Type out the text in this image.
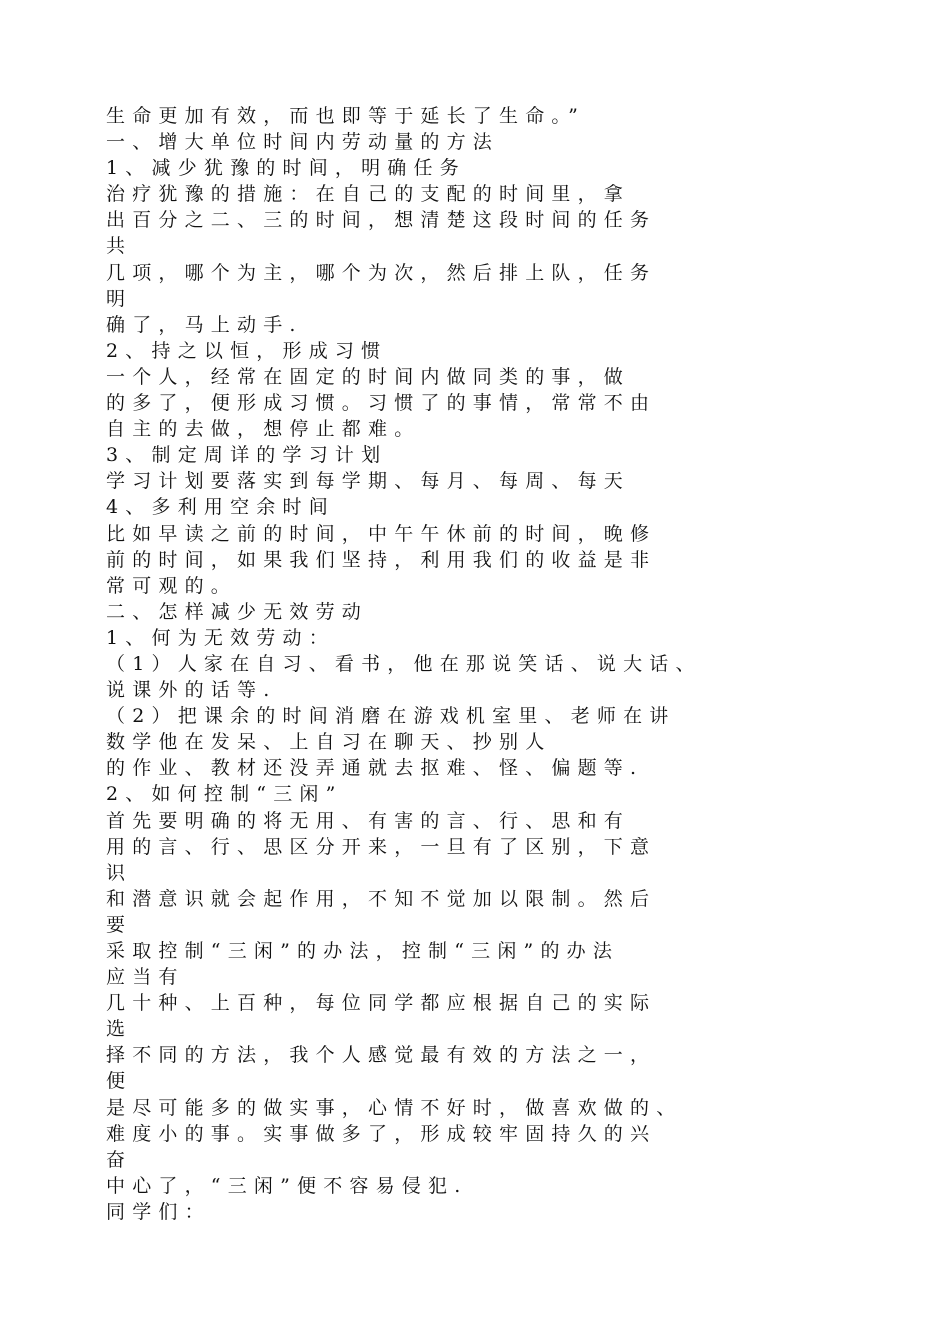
生命更加有效，而也即等于延长了生命。”
一、增大单位时间内劳动量的方法
1、减少犹豫的时间，明确任务
治疗犹豫的措施：在自己的支配的时间里，拿
出百分之二、三的时间，想清楚这段时间的任务
共
几项，哪个为主，哪个为次，然后排上队，任务
明
确了，马上动手.
2、持之以恒，形成习惯
一个人，经常在固定的时间内做同类的事，做
的多了，便形成习惯。习惯了的事情，常常不由
自主的去做，想停止都难。
3、制定周详的学习计划
学习计划要落实到每学期、每月、每周、每天
4、多利用空余时间
比如早读之前的时间，中午午休前的时间，晚修
前的时间，如果我们坚持，利用我们的收益是非
常可观的。
二、怎样减少无效劳动
1、何为无效劳动：
（1）人家在自习、看书，他在那说笑话、说大话、
说课外的话等.
（2）把课余的时间消磨在游戏机室里、老师在讲
数学他在发呆、上自习在聊天、抄别人
的作业、教材还没弄通就去抠难、怪、偏题等.
2、如何控制“三闲”
首先要明确的将无用、有害的言、行、思和有
用的言、行、思区分开来，一旦有了区别，下意
识
和潜意识就会起作用，不知不觉加以限制。然后
要
采取控制“三闲”的办法，控制“三闲”的办法
应当有
几十种、上百种，每位同学都应根据自己的实际
选
择不同的方法，我个人感觉最有效的方法之一，
便
是尽可能多的做实事，心情不好时，做喜欢做的、
难度小的事。实事做多了，形成较牢固持久的兴
奋
中心了，“三闲”便不容易侵犯.
同学们：
